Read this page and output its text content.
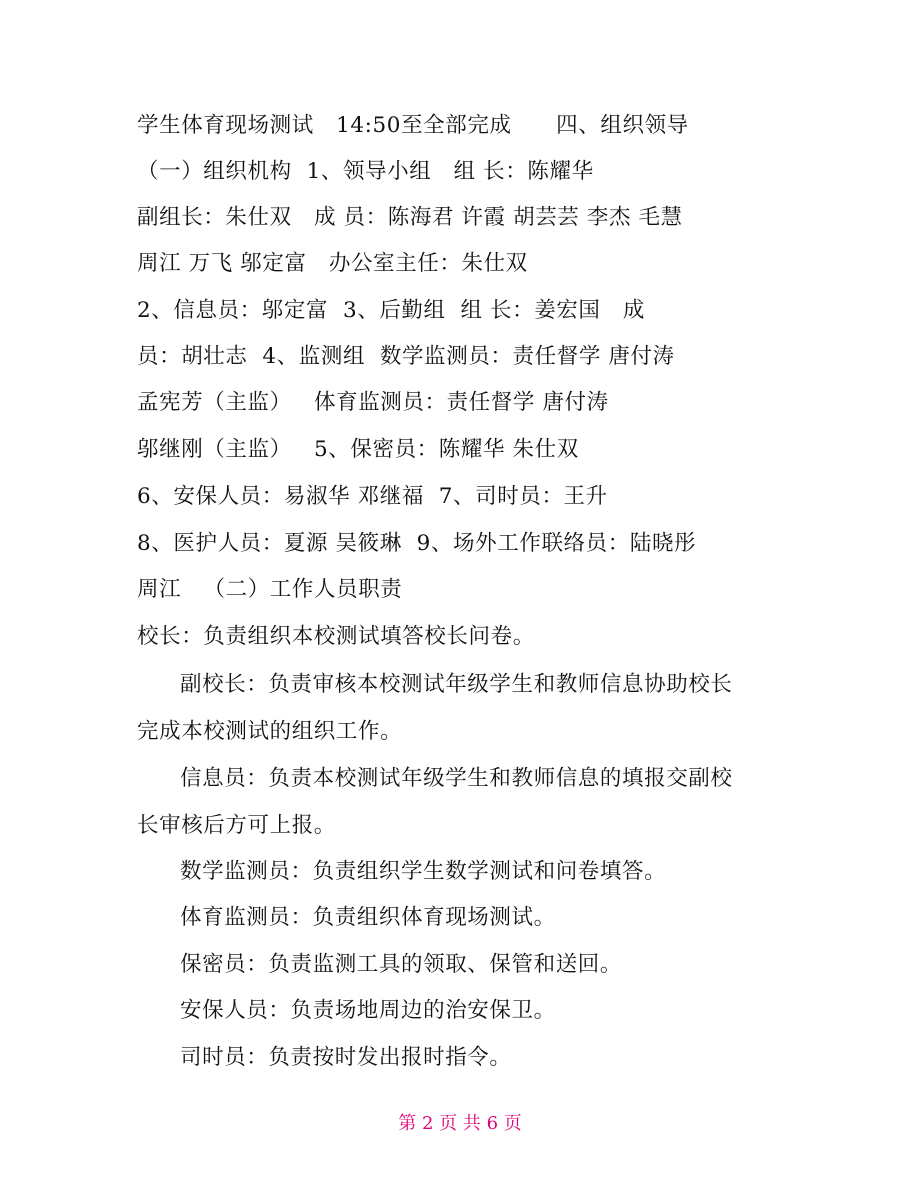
学生体育现场测试   14:50至全部完成      四、组织领导
（一）组织机构  1、领导小组   组 长：陈耀华
副组长：朱仕双   成 员：陈海君 许霞 胡芸芸 李杰 毛慧
周江 万飞 邬定富   办公室主任：朱仕双
2、信息员：邬定富  3、后勤组  组 长：姜宏国   成
员：胡壮志  4、监测组  数学监测员：责任督学 唐付涛
孟宪芳（主监）   体育监测员：责任督学 唐付涛
邬继刚（主监）   5、保密员：陈耀华 朱仕双
6、安保人员：易淑华 邓继福  7、司时员：王升
8、医护人员：夏源 吴筱琳  9、场外工作联络员：陆晓彤
周江   （二）工作人员职责
校长：负责组织本校测试填答校长问卷。
副校长：负责审核本校测试年级学生和教师信息协助校长
完成本校测试的组织工作。
信息员：负责本校测试年级学生和教师信息的填报交副校
长审核后方可上报。
数学监测员：负责组织学生数学测试和问卷填答。
体育监测员：负责组织体育现场测试。
保密员：负责监测工具的领取、保管和送回。
安保人员：负责场地周边的治安保卫。
司时员：负责按时发出报时指令。
第 2 页 共 6 页
